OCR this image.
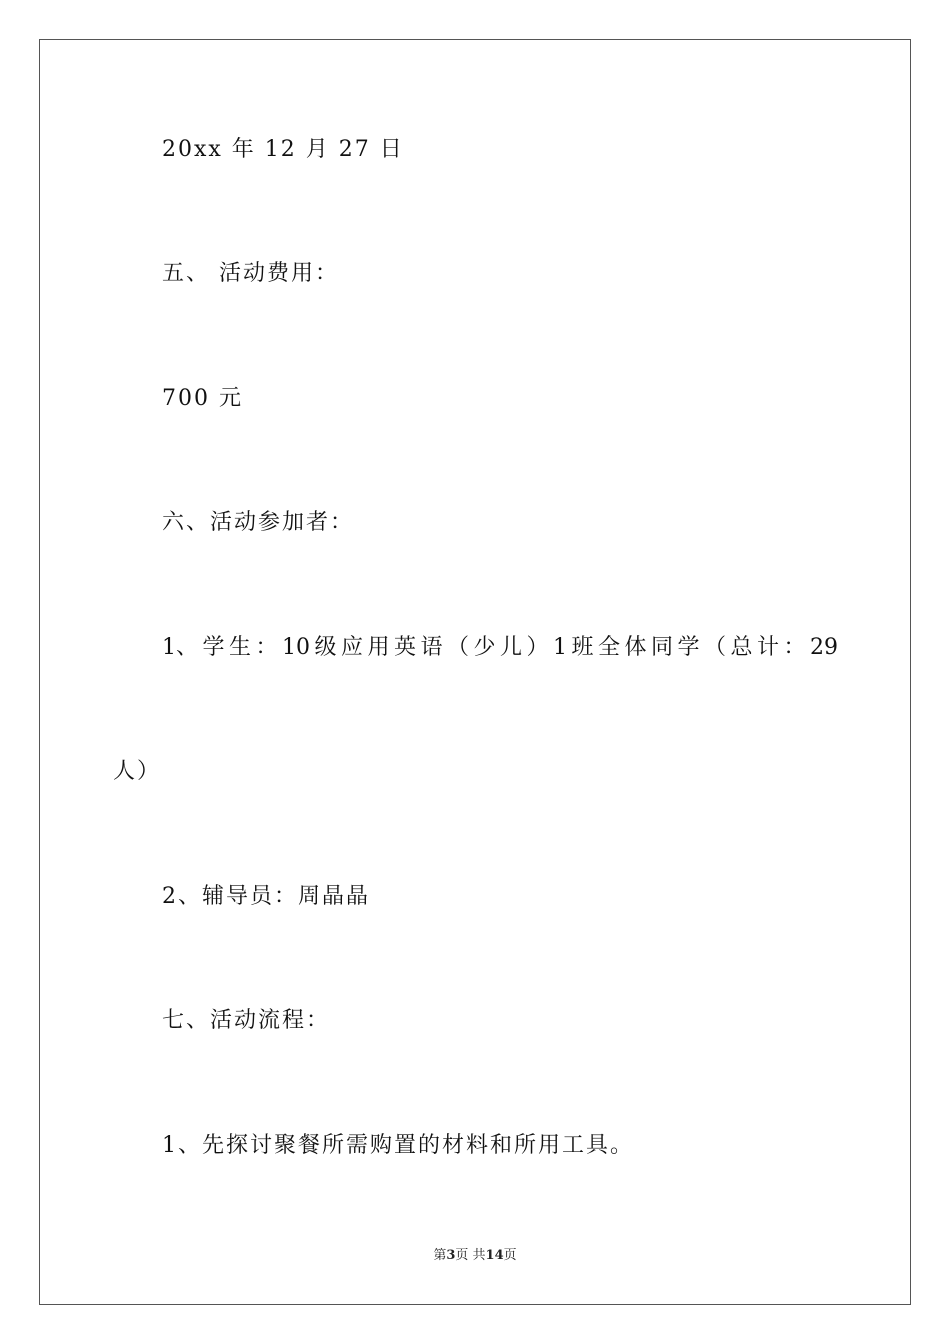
20xx 年 12 月 27 日
五、 活动费用：
700 元
六、活动参加者：
1、 学 生 ： 10 级 应 用 英 语 （ 少 儿 ） 1 班 全 体 同 学 （ 总 计 ： 29
人）
2、辅导员：周晶晶
七、活动流程：
1、先探讨聚餐所需购置的材料和所用工具。
第3页 共14页
